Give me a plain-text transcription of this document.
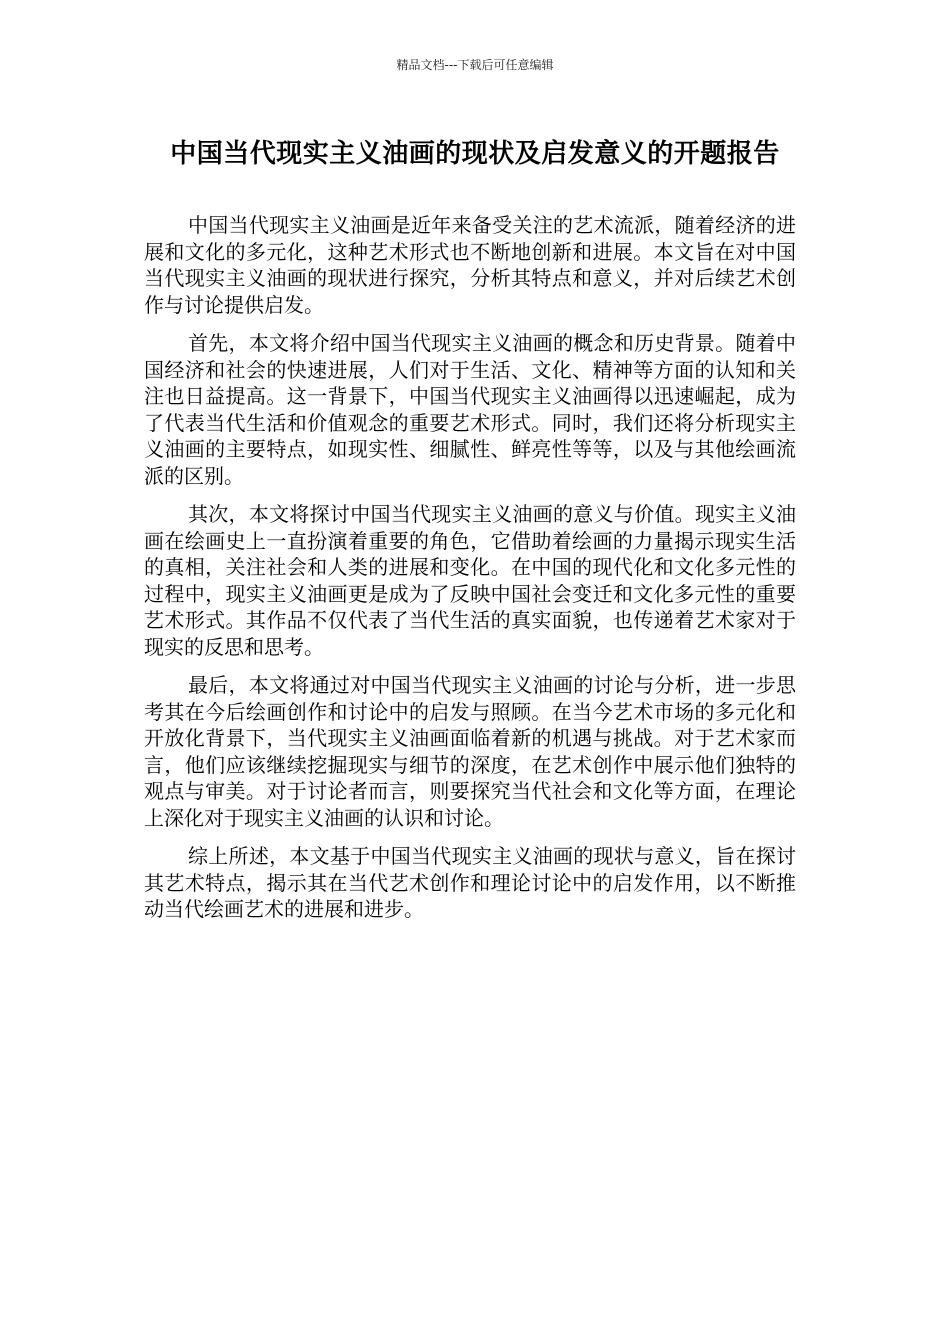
精品文档---下载后可任意编辑
中国当代现实主义油画的现状及启发意义的开题报告

中国当代现实主义油画是近年来备受关注的艺术流派，随着经济的进展和文化的多元化，这种艺术形式也不断地创新和进展。本文旨在对中国当代现实主义油画的现状进行探究，分析其特点和意义，并对后续艺术创作与讨论提供启发。

首先，本文将介绍中国当代现实主义油画的概念和历史背景。随着中国经济和社会的快速进展，人们对于生活、文化、精神等方面的认知和关注也日益提高。这一背景下，中国当代现实主义油画得以迅速崛起，成为了代表当代生活和价值观念的重要艺术形式。同时，我们还将分析现实主义油画的主要特点，如现实性、细腻性、鲜亮性等等，以及与其他绘画流派的区别。

其次，本文将探讨中国当代现实主义油画的意义与价值。现实主义油画在绘画史上一直扮演着重要的角色，它借助着绘画的力量揭示现实生活的真相，关注社会和人类的进展和变化。在中国的现代化和文化多元性的过程中，现实主义油画更是成为了反映中国社会变迁和文化多元性的重要艺术形式。其作品不仅代表了当代生活的真实面貌，也传递着艺术家对于现实的反思和思考。

最后，本文将通过对中国当代现实主义油画的讨论与分析，进一步思考其在今后绘画创作和讨论中的启发与照顾。在当今艺术市场的多元化和开放化背景下，当代现实主义油画面临着新的机遇与挑战。对于艺术家而言，他们应该继续挖掘现实与细节的深度，在艺术创作中展示他们独特的观点与审美。对于讨论者而言，则要探究当代社会和文化等方面，在理论上深化对于现实主义油画的认识和讨论。

综上所述，本文基于中国当代现实主义油画的现状与意义，旨在探讨其艺术特点，揭示其在当代艺术创作和理论讨论中的启发作用，以不断推动当代绘画艺术的进展和进步。
